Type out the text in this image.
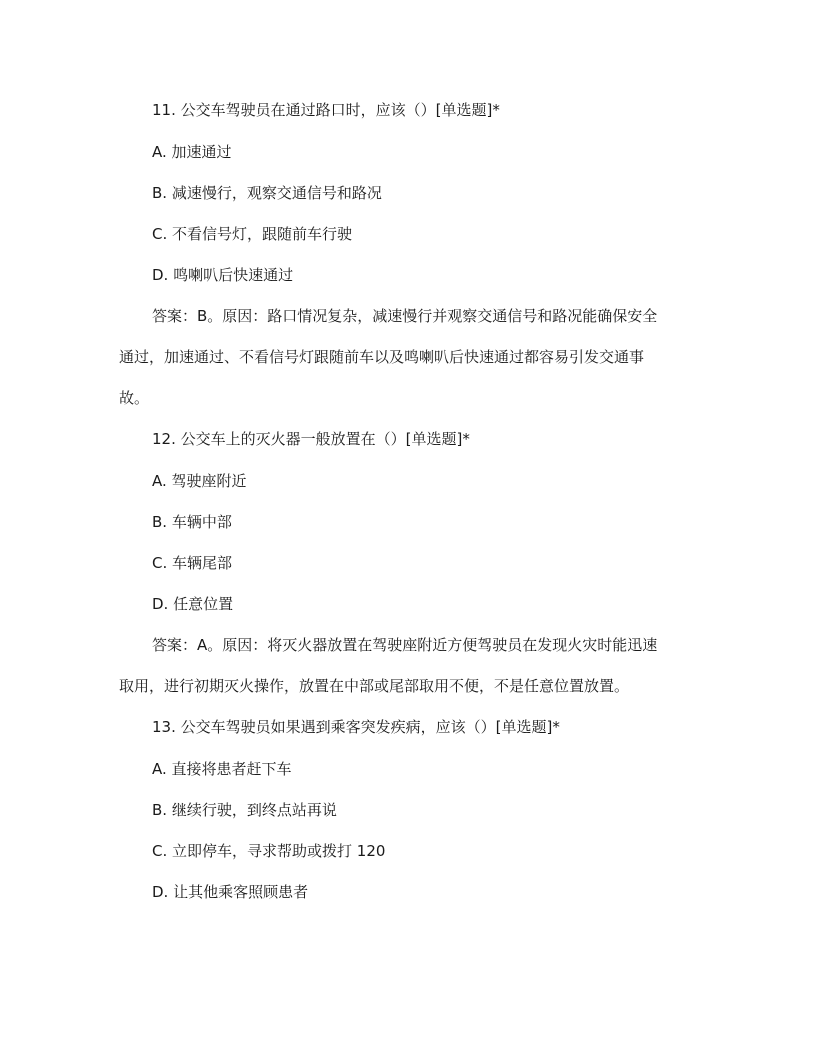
11. 公交车驾驶员在通过路口时，应该（）[单选题]*
A. 加速通过
B. 减速慢行，观察交通信号和路况
C. 不看信号灯，跟随前车行驶
D. 鸣喇叭后快速通过
答案：B。原因：路口情况复杂，减速慢行并观察交通信号和路况能确保安全
通过，加速通过、不看信号灯跟随前车以及鸣喇叭后快速通过都容易引发交通事
故。
12. 公交车上的灭火器一般放置在（）[单选题]*
A. 驾驶座附近
B. 车辆中部
C. 车辆尾部
D. 任意位置
答案：A。原因：将灭火器放置在驾驶座附近方便驾驶员在发现火灾时能迅速
取用，进行初期灭火操作，放置在中部或尾部取用不便，不是任意位置放置。
13. 公交车驾驶员如果遇到乘客突发疾病，应该（）[单选题]*
A. 直接将患者赶下车
B. 继续行驶，到终点站再说
C. 立即停车，寻求帮助或拨打 120
D. 让其他乘客照顾患者
